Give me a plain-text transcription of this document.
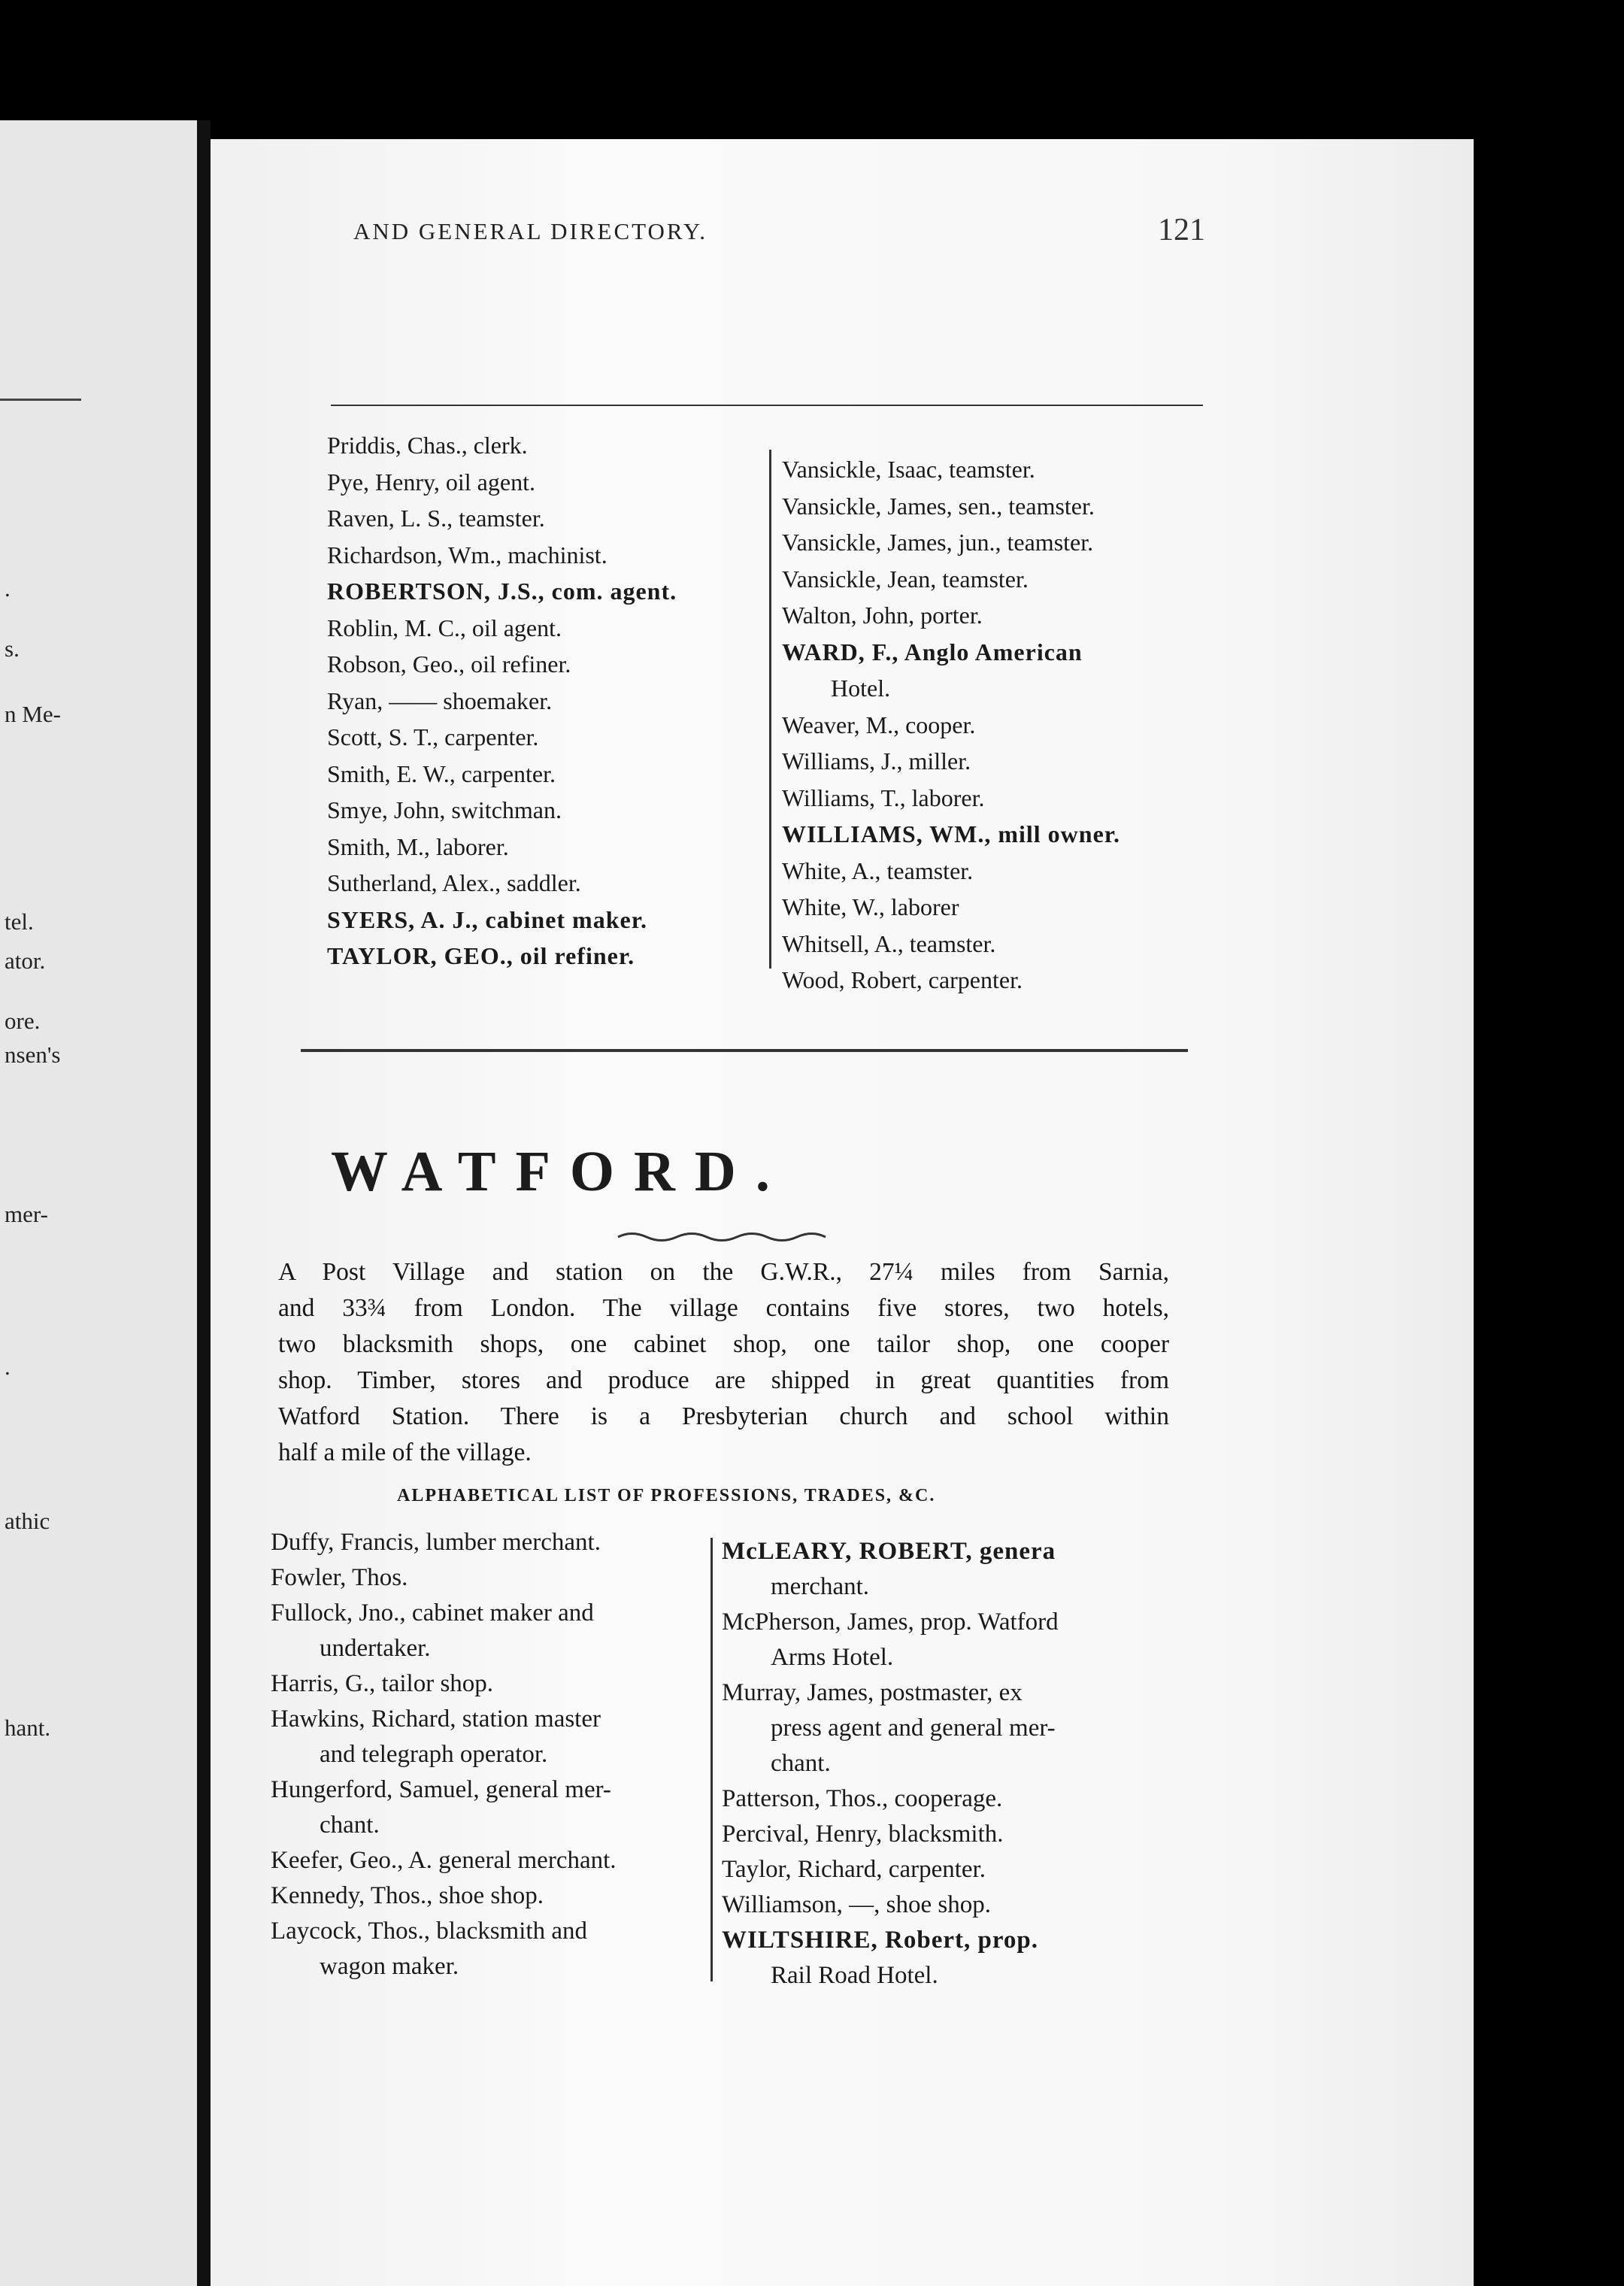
.
s.
n Me-
tel.
ator.
ore.
nsen's
mer-
.
athic
hant.
AND GENERAL DIRECTORY.	121
Priddis, Chas., clerk.
Pye, Henry, oil agent.
Raven, L. S., teamster.
Richardson, Wm., machinist.
ROBERTSON, J.S., com. agent.
Roblin, M. C., oil agent.
Robson, Geo., oil refiner.
Ryan, —— shoemaker.
Scott, S. T., carpenter.
Smith, E. W., carpenter.
Smye, John, switchman.
Smith, M., laborer.
Sutherland, Alex., saddler.
SYERS, A. J., cabinet maker.
TAYLOR, GEO., oil refiner.
Vansickle, Isaac, teamster.
Vansickle, James, sen., teamster.
Vansickle, James, jun., teamster.
Vansickle, Jean, teamster.
Walton, John, porter.
WARD, F., Anglo American
Hotel.
Weaver, M., cooper.
Williams, J., miller.
Williams, T., laborer.
WILLIAMS, WM., mill owner.
White, A., teamster.
White, W., laborer
Whitsell, A., teamster.
Wood, Robert, carpenter.
WATFORD.
A Post Village and station on the G.W.R., 27¼ miles from Sarnia,
and 33¾ from London. The village contains five stores, two hotels,
two blacksmith shops, one cabinet shop, one tailor shop, one cooper
shop. Timber, stores and produce are shipped in great quantities from
Watford Station. There is a Presbyterian church and school within
half a mile of the village.
ALPHABETICAL LIST OF PROFESSIONS, TRADES, &C.
Duffy, Francis, lumber merchant.
Fowler, Thos.
Fullock, Jno., cabinet maker and
undertaker.
Harris, G., tailor shop.
Hawkins, Richard, station master
and telegraph operator.
Hungerford, Samuel, general mer-
chant.
Keefer, Geo., A. general merchant.
Kennedy, Thos., shoe shop.
Laycock, Thos., blacksmith and
wagon maker.
McLEARY, ROBERT, genera
merchant.
McPherson, James, prop. Watford
Arms Hotel.
Murray, James, postmaster, ex
press agent and general mer-
chant.
Patterson, Thos., cooperage.
Percival, Henry, blacksmith.
Taylor, Richard, carpenter.
Williamson, —, shoe shop.
WILTSHIRE, Robert, prop.
Rail Road Hotel.
